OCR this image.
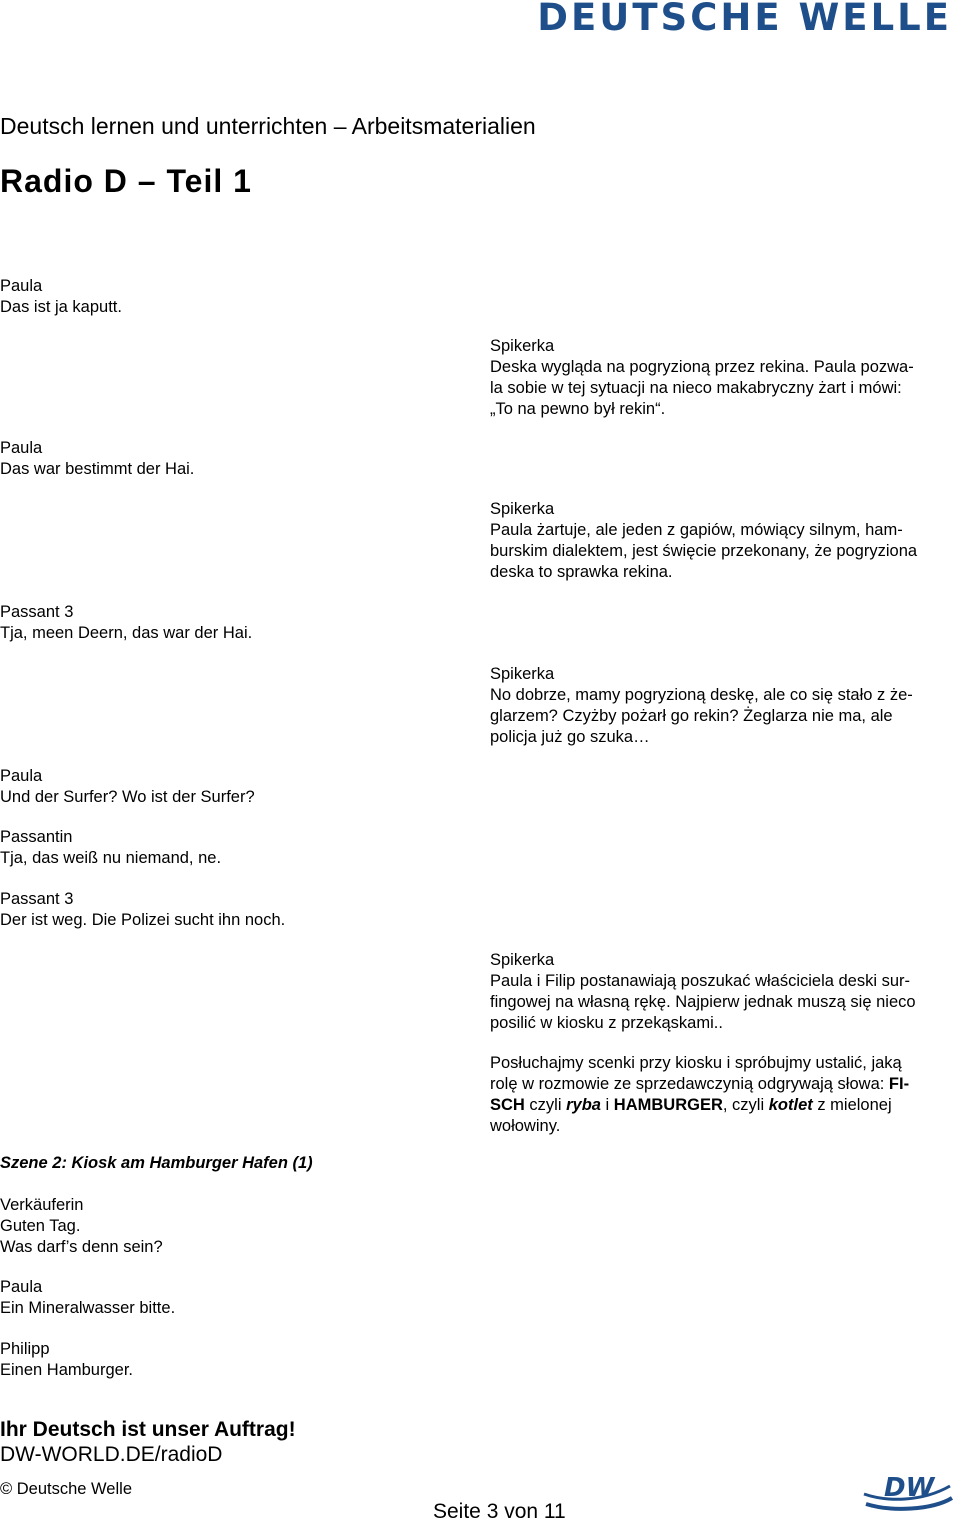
DEUTSCHE WELLE
Deutsch lernen und unterrichten – Arbeitsmaterialien
Radio D – Teil 1
Paula
Das ist ja kaputt.
Paula
Das war bestimmt der Hai.
Passant 3
Tja, meen Deern, das war der Hai.
Paula
Und der Surfer? Wo ist der Surfer?
Passantin
Tja, das weiß nu niemand, ne.
Passant 3
Der ist weg. Die Polizei sucht ihn noch.
Spikerka
Deska wygląda na pogryzioną przez rekina. Paula pozwa-
la sobie w tej sytuacji na nieco makabryczny żart i mówi:
„To na pewno był rekin“.
Spikerka
Paula żartuje, ale jeden z gapiów, mówiący silnym, ham-
burskim dialektem, jest święcie przekonany, że pogryziona
deska to sprawka rekina.
Spikerka
No dobrze, mamy pogryzioną deskę, ale co się stało z że-
glarzem? Czyżby pożarł go rekin? Żeglarza nie ma, ale
policja już go szuka…
Spikerka
Paula i Filip postanawiają poszukać właściciela deski sur-
fingowej na własną rękę. Najpierw jednak muszą się nieco
posilić w kiosku z przekąskami..
Posłuchajmy scenki przy kiosku i spróbujmy ustalić, jaką
rolę w rozmowie ze sprzedawczynią odgrywają słowa: FI-
SCH czyli ryba i HAMBURGER, czyli kotlet z mielonej
wołowiny.
Szene 2: Kiosk am Hamburger Hafen (1)
Verkäuferin
Guten Tag.
Was darf’s denn sein?
Paula
Ein Mineralwasser bitte.
Philipp
Einen Hamburger.
Ihr Deutsch ist unser Auftrag!
DW-WORLD.DE/radioD
© Deutsche Welle
Seite 3 von 11
DW
